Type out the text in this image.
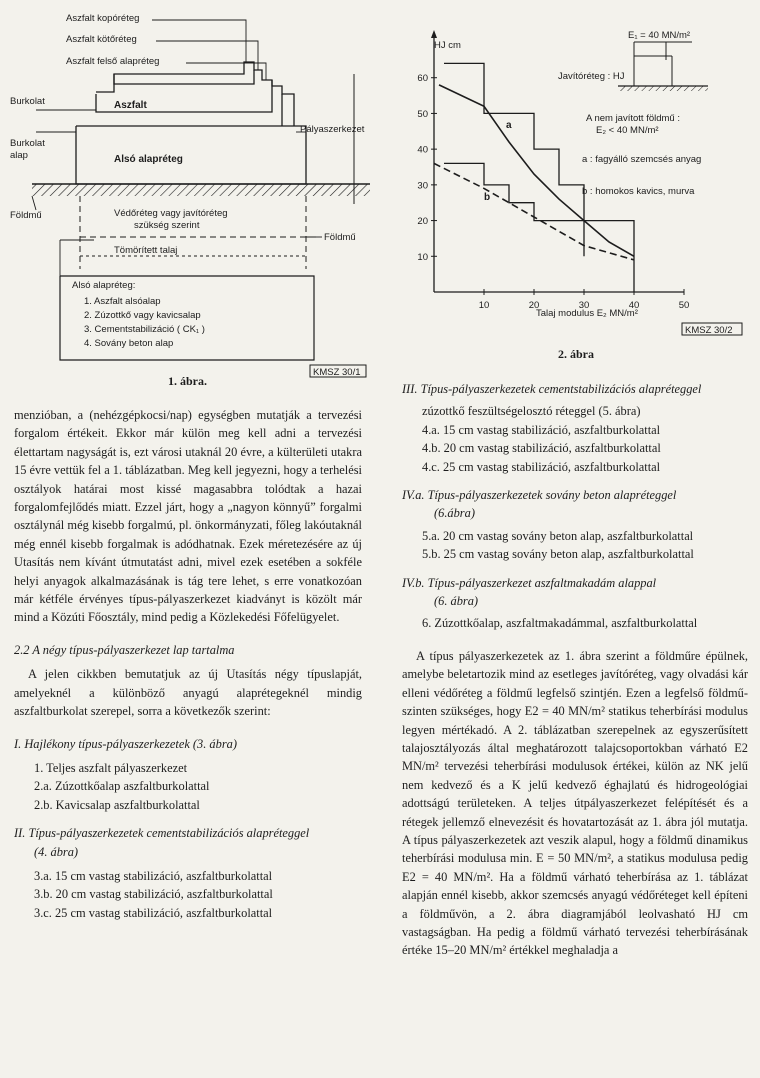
Aszfalt kopóréteg
Aszfalt kötőréteg
Aszfalt felső alapréteg
Burkolat
Burkolat
alap
Aszfalt
Pályaszerkezet
Alsó alapréteg
Földmű	Védőréteg vagy javítóréteg
szükség szerint
Földmű
Tömörített talaj
Alsó alapréteg:
1. Aszfalt alsóalap
2. Zúzottkő vagy kavicsalap
3. Cementstabilizáció ( CK₁ )
4. Sovány beton alap
KMSZ 30/1
1. ábra.
10
20
30
40
50
60
10	20	30	40	50
HJ cm
Talaj modulus E₂ MN/m²
a
b
E₁ = 40 MN/m²
Javítóréteg : HJ
A nem javított földmű :
E₂ < 40 MN/m²
a : fagyálló szemcsés anyag
b : homokos kavics, murva
KMSZ 30/2
2. ábra

menzióban, a (nehézgépkocsi/nap) egységben mutatják a tervezési forgalom értékeit. Ekkor már külön meg kell adni a tervezési élettartam nagyságát is, ezt városi utaknál 20 évre, a külterületi utakra 15 évre vettük fel a 1. táblázatban. Meg kell jegyezni, hogy a terhelési osztályok határai most kissé magasabbra tolódtak a hazai forgalomfejlődés miatt. Ezzel járt, hogy a „nagyon könnyű” forgalmi osztálynál még kisebb forgalmú, pl. önkormányzati, főleg lakóutaknál még ennél kisebb forgalmak is adódhatnak. Ezek méretezésére az új Utasítás nem kívánt útmutatást adni, mivel ezek esetében a sokféle helyi anyagok alkalmazásának is tág tere lehet, s erre vonatkozóan már kétféle érvényes típus-pályaszerkezet kiadványt is közölt már mind a Közúti Főosztály, mind pedig a Közlekedési Főfelügyelet.

2.2 A négy típus-pályaszerkezet lap tartalma

A jelen cikkben bemutatjuk az új Utasítás négy típuslapját, amelyeknél a különböző anyagú alaprétegeknél mindig aszfaltburkolat szerepel, sorra a következők szerint:

I. Hajlékony típus-pályaszerkezetek (3. ábra)

1. Teljes aszfalt pályaszerkezet

2.a. Zúzottkőalap aszfaltburkolattal

2.b. Kavicsalap aszfaltburkolattal

II. Típus-pályaszerkezetek cementstabilizációs alapréteggel

(4. ábra)

3.a. 15 cm vastag stabilizáció, aszfaltburkolattal

3.b. 20 cm vastag stabilizáció, aszfaltburkolattal

3.c. 25 cm vastag stabilizáció, aszfaltburkolattal

III. Típus-pályaszerkezetek cementstabilizációs alapréteggel

zúzottkő feszültségelosztó réteggel (5. ábra)

4.a. 15 cm vastag stabilizáció, aszfaltburkolattal

4.b. 20 cm vastag stabilizáció, aszfaltburkolattal

4.c. 25 cm vastag stabilizáció, aszfaltburkolattal

IV.a. Típus-pályaszerkezetek sovány beton alapréteggel

(6.ábra)

5.a. 20 cm vastag sovány beton alap, aszfaltburkolattal

5.b. 25 cm vastag sovány beton alap, aszfaltburkolattal

IV.b. Típus-pályaszerkezet aszfaltmakadám alappal

(6. ábra)

6. Zúzottkőalap, aszfaltmakadámmal, aszfaltburkolattal

A típus pályaszerkezetek az 1. ábra szerint a földműre épülnek, amelybe beletartozik mind az esetleges javítóréteg, vagy olvadási kár elleni védőréteg a földmű legfelső szintjén. Ezen a legfelső földmű-szinten szükséges, hogy E2 = 40 MN/m² statikus teherbírási modulus legyen mértékadó. A 2. táblázatban szerepelnek az egyszerűsített talajosztályozás által meghatározott talajcsoportokban várható E2 MN/m² tervezési teherbírási modulusok értékei, külön az NK jelű nem kedvező és a K jelű kedvező éghajlatú és hidrogeológiai adottságú területeken. A teljes útpályaszerkezet felépítését és a rétegek jellemző elnevezésit és hovatartozását az 1. ábra jól mutatja. A típus pályaszerkezetek azt veszik alapul, hogy a földmű dinamikus teherbírási modulusa min. E = 50 MN/m², a statikus modulusa pedig E2 = 40 MN/m². Ha a földmű várható teherbírása az 1. táblázat alapján ennél kisebb, akkor szemcsés anyagú védőréteget kell építeni a földművön, a 2. ábra diagramjából leolvasható HJ cm vastagságban. Ha pedig a földmű várható tervezési teherbírásának értéke 15–20 MN/m² értékkel meghaladja a
